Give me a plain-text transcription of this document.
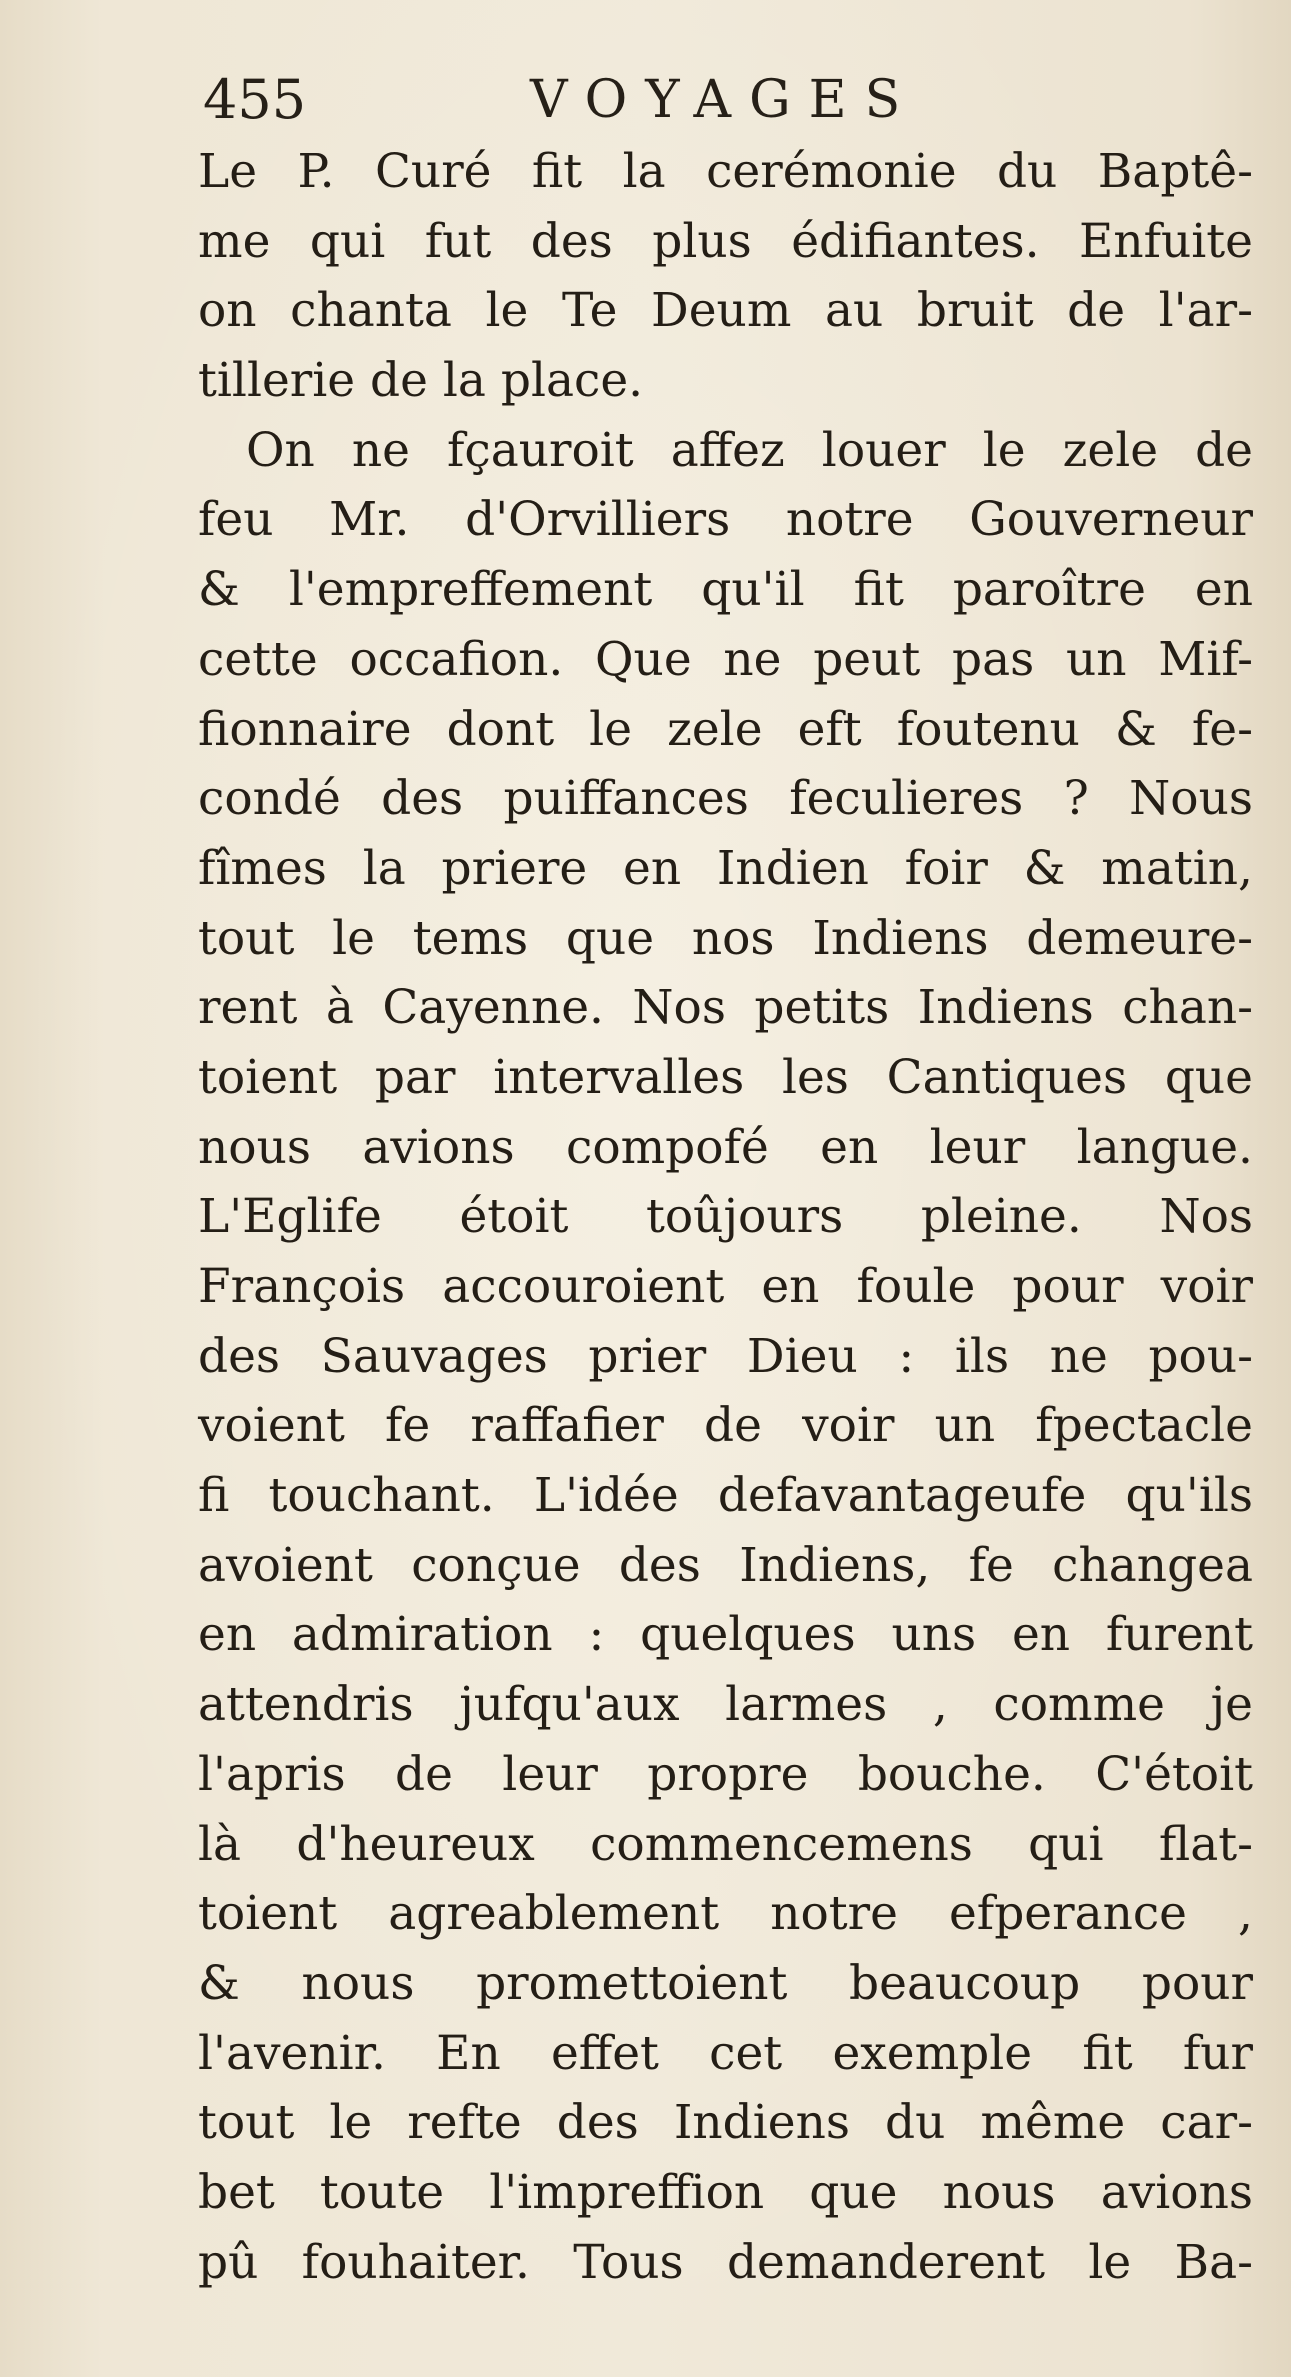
455	VOYAGES
Le P. Curé fit la cerémonie du Baptê-
me qui fut des plus édifiantes. Enfuite
on chanta le Te Deum au bruit de l'ar-
tillerie de la place.
On ne fçauroit affez louer le zele de
feu Mr. d'Orvilliers notre Gouverneur
& l'empreffement qu'il fit paroître en
cette occafion. Que ne peut pas un Mif-
fionnaire dont le zele eft foutenu & fe-
condé des puiffances feculieres ? Nous
fîmes la priere en Indien foir & matin,
tout le tems que nos Indiens demeure-
rent à Cayenne. Nos petits Indiens chan-
toient par intervalles les Cantiques que
nous avions compofé en leur langue.
L'Eglife étoit toûjours pleine. Nos
François accouroient en foule pour voir
des Sauvages prier Dieu : ils ne pou-
voient fe raffafier de voir un fpectacle
fi touchant. L'idée defavantageufe qu'ils
avoient conçue des Indiens, fe changea
en admiration : quelques uns en furent
attendris jufqu'aux larmes , comme je
l'apris de leur propre bouche. C'étoit
là d'heureux commencemens qui flat-
toient agreablement notre efperance ,
& nous promettoient beaucoup pour
l'avenir. En effet cet exemple fit fur
tout le refte des Indiens du même car-
bet toute l'impreffion que nous avions
pû fouhaiter. Tous demanderent le Ba-
